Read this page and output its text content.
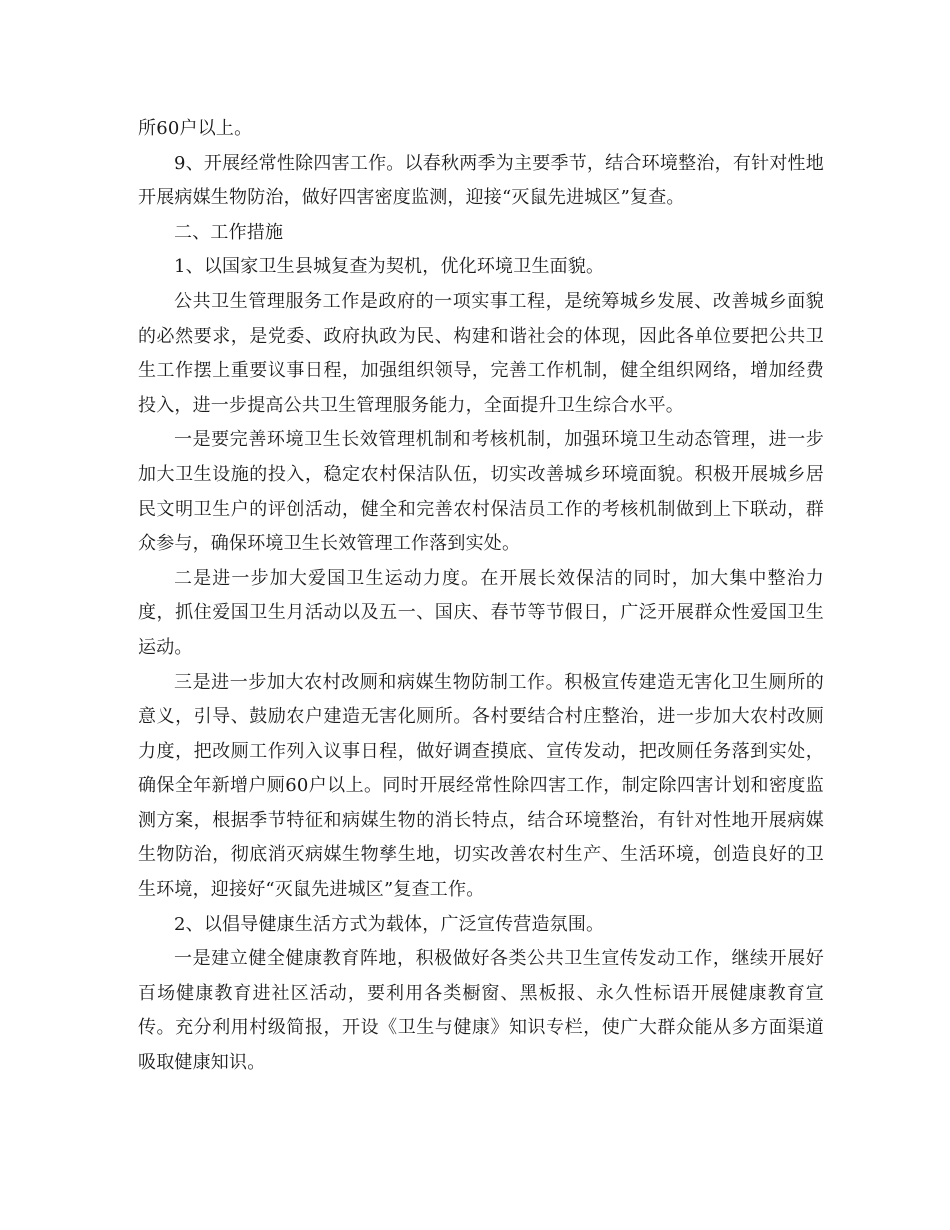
所60户以上。

9、开展经常性除四害工作。以春秋两季为主要季节，结合环境整治，有针对性地开展病媒生物防治，做好四害密度监测，迎接“灭鼠先进城区”复查。

二、工作措施

1、以国家卫生县城复查为契机，优化环境卫生面貌。

公共卫生管理服务工作是政府的一项实事工程，是统筹城乡发展、改善城乡面貌的必然要求，是党委、政府执政为民、构建和谐社会的体现，因此各单位要把公共卫生工作摆上重要议事日程，加强组织领导，完善工作机制，健全组织网络，增加经费投入，进一步提高公共卫生管理服务能力，全面提升卫生综合水平。

一是要完善环境卫生长效管理机制和考核机制，加强环境卫生动态管理，进一步加大卫生设施的投入，稳定农村保洁队伍，切实改善城乡环境面貌。积极开展城乡居民文明卫生户的评创活动，健全和完善农村保洁员工作的考核机制做到上下联动，群众参与，确保环境卫生长效管理工作落到实处。

二是进一步加大爱国卫生运动力度。在开展长效保洁的同时，加大集中整治力度，抓住爱国卫生月活动以及五一、国庆、春节等节假日，广泛开展群众性爱国卫生运动。

三是进一步加大农村改厕和病媒生物防制工作。积极宣传建造无害化卫生厕所的意义，引导、鼓励农户建造无害化厕所。各村要结合村庄整治，进一步加大农村改厕力度，把改厕工作列入议事日程，做好调查摸底、宣传发动，把改厕任务落到实处，确保全年新增户厕60户以上。同时开展经常性除四害工作，制定除四害计划和密度监测方案，根据季节特征和病媒生物的消长特点，结合环境整治，有针对性地开展病媒生物防治，彻底消灭病媒生物孳生地，切实改善农村生产、生活环境，创造良好的卫生环境，迎接好“灭鼠先进城区”复查工作。

2、以倡导健康生活方式为载体，广泛宣传营造氛围。

一是建立健全健康教育阵地，积极做好各类公共卫生宣传发动工作，继续开展好百场健康教育进社区活动，要利用各类橱窗、黑板报、永久性标语开展健康教育宣传。充分利用村级简报，开设《卫生与健康》知识专栏，使广大群众能从多方面渠道吸取健康知识。
